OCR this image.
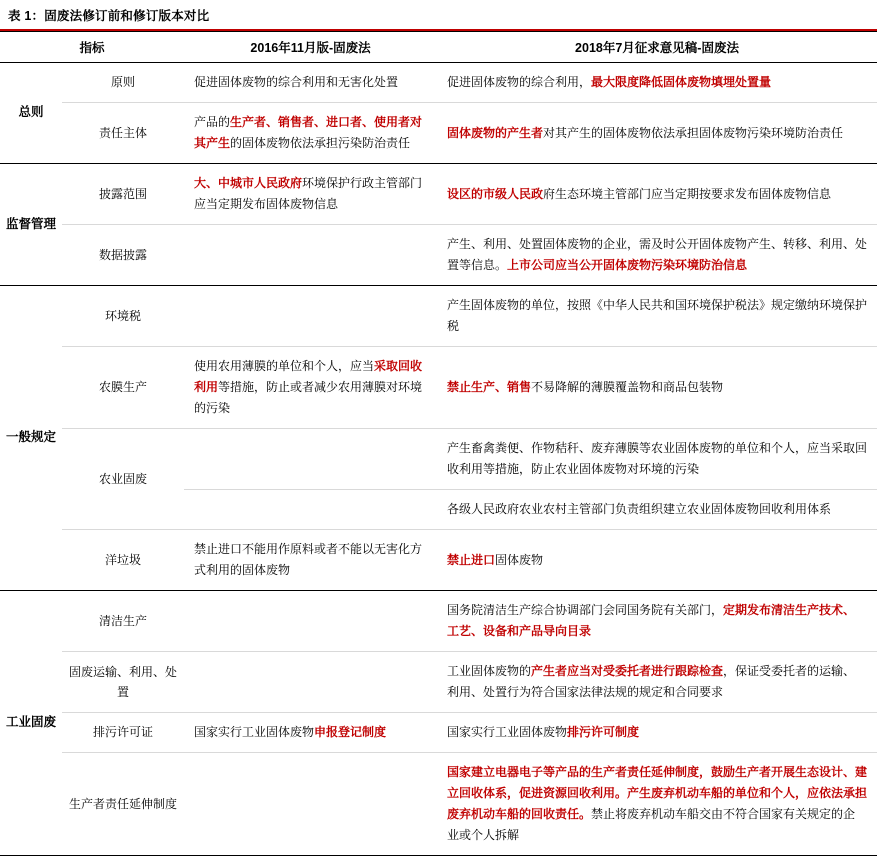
表 1：固废法修订前和修订版本对比
指标		2016年11月版-固废法	2018年7月征求意见稿-固废法
总则	原则	促进固体废物的综合利用和无害化处置	促进固体废物的综合利用，最大限度降低固体废物填埋处置量
	责任主体	产品的生产者、销售者、进口者、使用者对其产生的固体废物依法承担污染防治责任	固体废物的产生者对其产生的固体废物依法承担固体废物污染环境防治责任
监督管理	披露范围	大、中城市人民政府环境保护行政主管部门应当定期发布固体废物信息	设区的市级人民政府生态环境主管部门应当定期按要求发布固体废物信息
	数据披露		产生、利用、处置固体废物的企业，需及时公开固体废物产生、转移、利用、处置等信息。上市公司应当公开固体废物污染环境防治信息
一般规定	环境税		产生固体废物的单位，按照《中华人民共和国环境保护税法》规定缴纳环境保护税
	农膜生产	使用农用薄膜的单位和个人，应当采取回收利用等措施，防止或者减少农用薄膜对环境的污染	禁止生产、销售不易降解的薄膜覆盖物和商品包装物
	农业固废		产生畜禽粪便、作物秸秆、废弃薄膜等农业固体废物的单位和个人，应当采取回收利用等措施，防止农业固体废物对环境的污染
			各级人民政府农业农村主管部门负责组织建立农业固体废物回收利用体系
	洋垃圾	禁止进口不能用作原料或者不能以无害化方式利用的固体废物	禁止进口固体废物
工业固废	清洁生产		国务院清洁生产综合协调部门会同国务院有关部门，定期发布清洁生产技术、工艺、设备和产品导向目录
	固废运输、利用、处置		工业固体废物的产生者应当对受委托者进行跟踪检查，保证受委托者的运输、利用、处置行为符合国家法律法规的规定和合同要求
	排污许可证	国家实行工业固体废物申报登记制度	国家实行工业固体废物排污许可制度
	生产者责任延伸制度		国家建立电器电子等产品的生产者责任延伸制度，鼓励生产者开展生态设计、建立回收体系，促进资源回收利用。产生废弃机动车船的单位和个人，应依法承担废弃机动车船的回收责任。禁止将废弃机动车船交由不符合国家有关规定的企业或个人拆解
